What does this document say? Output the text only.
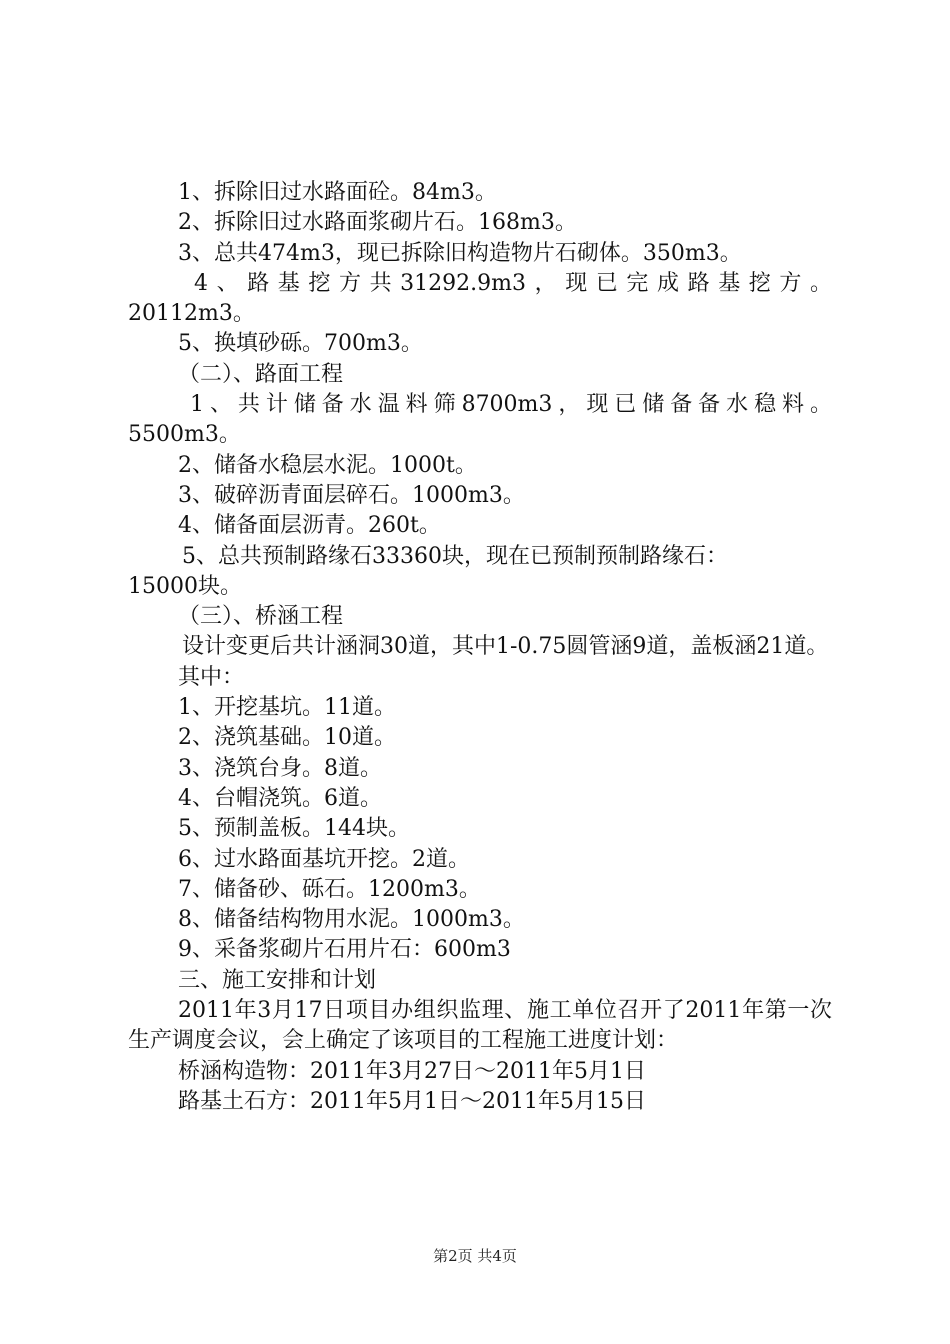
1、拆除旧过水路面砼。84m3。

2、拆除旧过水路面浆砌片石。168m3。

3、总共474m3，现已拆除旧构造物片石砌体。350m3。

4、路基挖方共31292.9m3，现已完成路基挖方。

20112m3。

5、换填砂砾。700m3。

（二）、路面工程

1、共计储备水温料筛8700m3，现已储备备水稳料。

5500m3。

2、储备水稳层水泥。1000t。

3、破碎沥青面层碎石。1000m3。

4、储备面层沥青。260t。

5、总共预制路缘石33360块，现在已预制预制路缘石：

15000块。

（三）、桥涵工程

设计变更后共计涵洞30道，其中1-0.75圆管涵9道，盖板涵21道。

其中：

1、开挖基坑。11道。

2、浇筑基础。10道。

3、浇筑台身。8道。

4、台帽浇筑。6道。

5、预制盖板。144块。

6、过水路面基坑开挖。2道。

7、储备砂、砾石。1200m3。

8、储备结构物用水泥。1000m3。

9、采备浆砌片石用片石：600m3

三、施工安排和计划

2011年3月17日项目办组织监理、施工单位召开了2011年第一次生产调度会议，会上确定了该项目的工程施工进度计划：

桥涵构造物：2011年3月27日～2011年5月1日

路基土石方：2011年5月1日～2011年5月15日

第2页 共4页
